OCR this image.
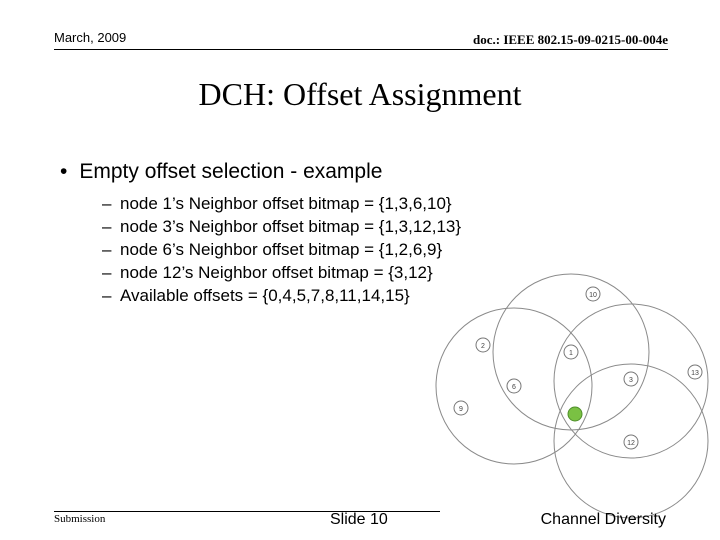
March, 2009	doc.: IEEE 802.15-09-0215-00-004e
DCH: Offset Assignment
• Empty offset selection - example
– node 1’s Neighbor offset bitmap = {1,3,6,10}
– node 3’s Neighbor offset bitmap = {1,3,12,13}
– node 6’s Neighbor offset bitmap = {1,2,6,9}
– node 12’s Neighbor offset bitmap = {3,12}
– Available offsets = {0,4,5,7,8,11,14,15}	10
2
1
6
3
13
9
12
Submission	Slide 10	Channel Diversity
